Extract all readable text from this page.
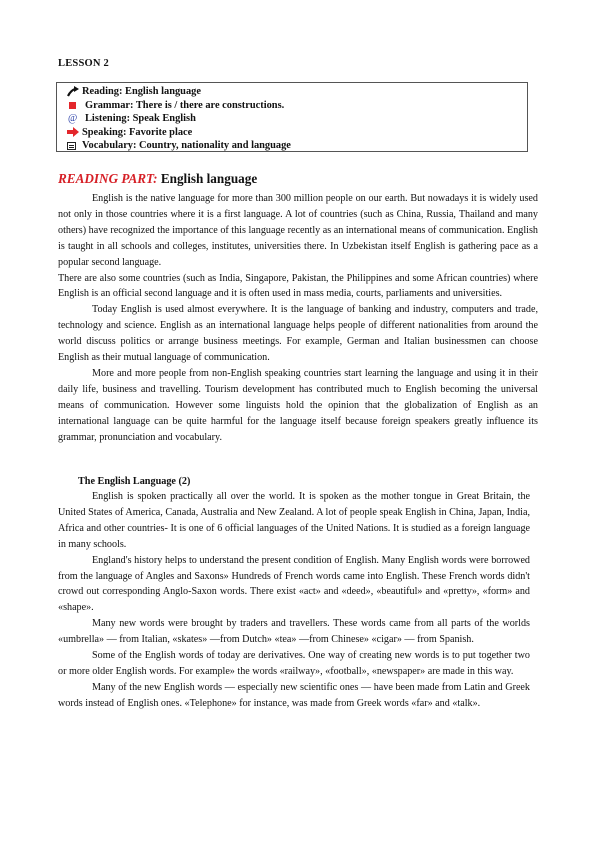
LESSON 2
Reading: English language
Grammar: There is / there are constructions.
@ Listening: Speak English
Speaking: Favorite place
Vocabulary: Country, nationality and language
READING PART: English language

English is the native language for more than 300 million people on our earth. But nowadays it is widely used not only in those countries where it is a first language. A lot of countries (such as China, Russia, Thailand and many others) have recognized the importance of this language recently as an international means of communication. English is taught in all schools and colleges, institutes, universities there. In Uzbekistan itself English is gathering pace as a popular second language.

There are also some countries (such as India, Singapore, Pakistan, the Philippines and some African countries) where English is an official second language and it is often used in mass media, courts, parliaments and universities.

Today English is used almost everywhere. It is the language of banking and industry, computers and trade, technology and science. English as an international language helps people of different nationalities from around the world discuss politics or arrange business meetings. For example, German and Italian businessmen can choose English as their mutual language of communication.

More and more people from non-English speaking countries start learning the language and using it in their daily life, business and travelling. Tourism development has contributed much to English becoming the universal means of communication. However some linguists hold the opinion that the globalization of English as an international language can be quite harmful for the language itself because foreign speakers greatly influence its grammar, pronunciation and vocabulary.

The English Language (2)

English is spoken practically all over the world. It is spoken as the mother tongue in Great Britain, the United States of America, Canada, Australia and New Zealand. A lot of people speak English in China, Japan, India, Africa and other countries- It is one of 6 official languages of the United Nations. It is studied as a foreign language in many schools.

England's history helps to understand the present condition of English. Many English words were borrowed from the language of Angles and Saxons» Hundreds of French words came into English. These French words didn't crowd out corresponding Anglo-Saxon words. There exist «act» and «deed», «beautiful» and «pretty», «form» and «shape».

Many new words were brought by traders and travellers. These words came from all parts of the worlds «umbrella» — from Italian, «skates» —from Dutch» «tea» —from Chinese» «cigar» — from Spanish.

Some of the English words of today are derivatives. One way of creating new words is to put together two or more older English words. For example» the words «railway», «football», «newspaper» are made in this way.

Many of the new English words — especially new scientific ones — have been made from Latin and Greek words instead of English ones. «Telephone» for instance, was made from Greek words «far» and «talk».
